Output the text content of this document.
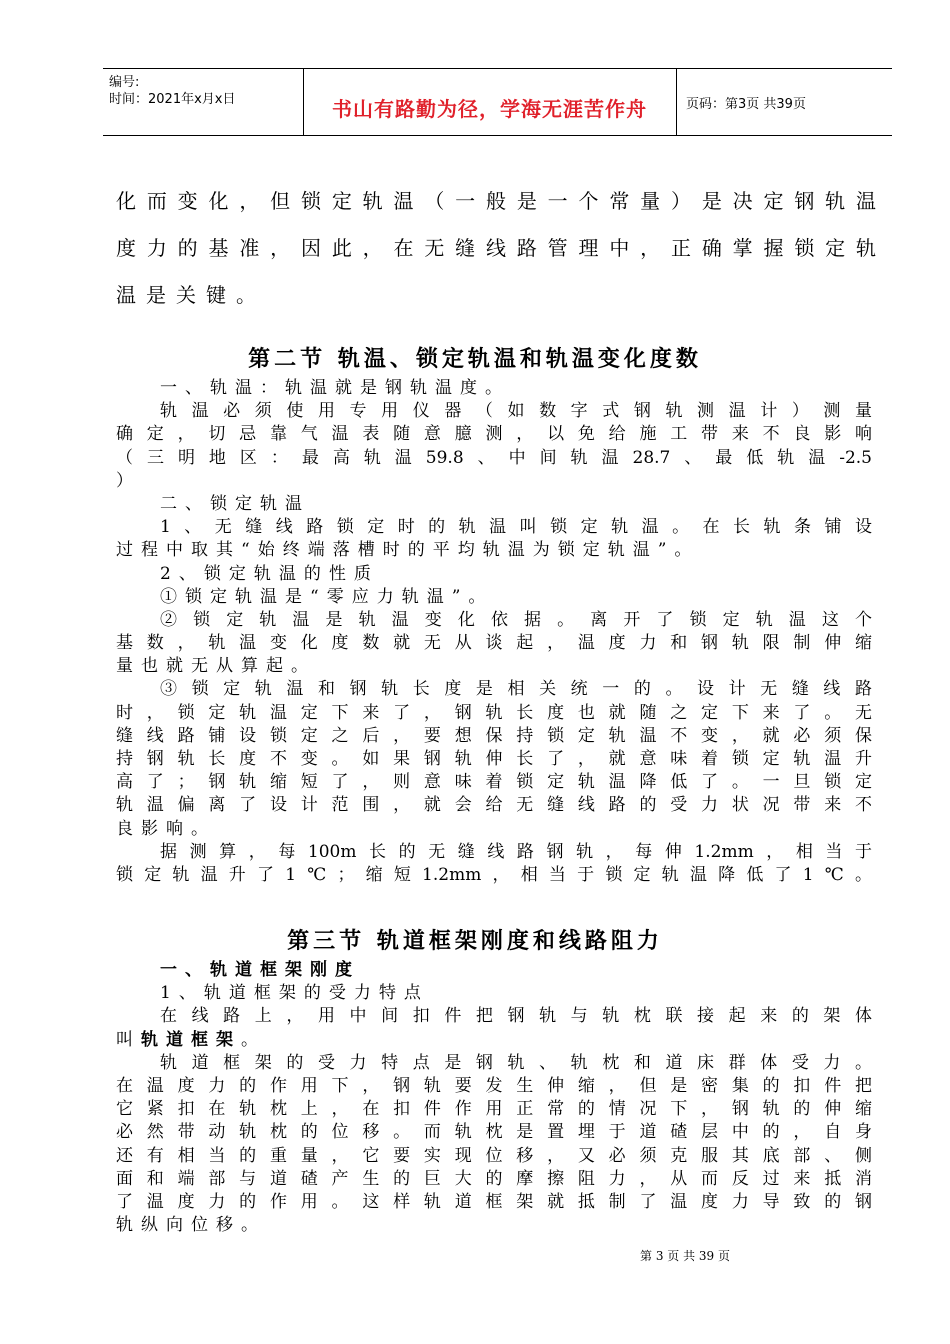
编号:
时间：2021年x月x日	书山有路勤为径，学海无涯苦作舟	页码：第3页 共39页

化而变化，但锁定轨温（一般是一个常量）是决定钢轨温

度力的基准，因此，在无缝线路管理中，正确掌握锁定轨

温是关键。

第二节 轨温、锁定轨温和轨温变化度数
一、轨温：轨温就是钢轨温度。
轨温必须使用专用仪器（如数字式钢轨测温计）测量
确定，切忌靠气温表随意臆测，以免给施工带来不良影响
（三明地区：最高轨温59.8、中间轨温28.7、最低轨温-2.5
）
二、锁定轨温
1、无缝线路锁定时的轨温叫锁定轨温。在长轨条铺设
过程中取其“始终端落槽时的平均轨温为锁定轨温”。
2、锁定轨温的性质
①锁定轨温是“零应力轨温”。
②锁定轨温是轨温变化依据。离开了锁定轨温这个
基数，轨温变化度数就无从谈起，温度力和钢轨限制伸缩
量也就无从算起。
③锁定轨温和钢轨长度是相关统一的。设计无缝线路
时，锁定轨温定下来了，钢轨长度也就随之定下来了。无
缝线路铺设锁定之后，要想保持锁定轨温不变，就必须保
持钢轨长度不变。如果钢轨伸长了，就意味着锁定轨温升
高了；钢轨缩短了，则意味着锁定轨温降低了。一旦锁定
轨温偏离了设计范围，就会给无缝线路的受力状况带来不
良影响。
据测算，每100m长的无缝线路钢轨，每伸1.2mm，相当于
锁定轨温升了1℃；缩短1.2mm，相当于锁定轨温降低了1℃。
第三节 轨道框架刚度和线路阻力
一、轨道框架刚度
1、轨道框架的受力特点
在线路上，用中间扣件把钢轨与轨枕联接起来的架体
叫轨道框架。
轨道框架的受力特点是钢轨、轨枕和道床群体受力。
在温度力的作用下，钢轨要发生伸缩，但是密集的扣件把
它紧扣在轨枕上，在扣件作用正常的情况下，钢轨的伸缩
必然带动轨枕的位移。而轨枕是置埋于道碴层中的，自身
还有相当的重量，它要实现位移，又必须克服其底部、侧
面和端部与道碴产生的巨大的摩擦阻力，从而反过来抵消
了温度力的作用。这样轨道框架就抵制了温度力导致的钢
轨纵向位移。
第 3 页 共 39 页
